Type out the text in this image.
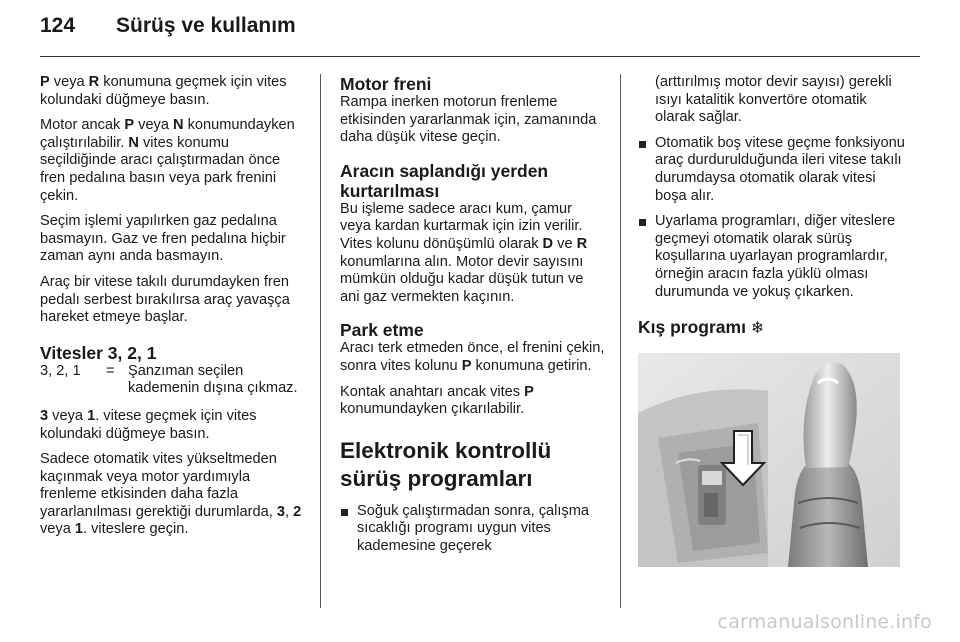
124 Sürüş ve kullanım

P veya R konumuna geçmek için vites kolundaki düğmeye basın.

Motor ancak P veya N konumundayken çalıştırılabilir. N vites konumu seçildiğinde aracı çalıştırmadan önce fren pedalına basın veya park frenini çekin.

Seçim işlemi yapılırken gaz pedalına basmayın. Gaz ve fren pedalına hiçbir zaman aynı anda basmayın.

Araç bir vitese takılı durumdayken fren pedalı serbest bırakılırsa araç yavaşça hareket etmeye başlar.

Vitesler 3, 2, 1
3, 2, 1	= Şanzıman seçilen kademenin dışına çıkmaz.

3 veya 1. vitese geçmek için vites kolundaki düğmeye basın.

Sadece otomatik vites yükseltmeden kaçınmak veya motor yardımıyla frenleme etkisinden daha fazla yararlanılması gerektiği durumlarda, 3, 2 veya 1. viteslere geçin.

Motor freni

Rampa inerken motorun frenleme etkisinden yararlanmak için, zamanında daha düşük vitese geçin.

Aracın saplandığı yerden kurtarılması

Bu işleme sadece aracı kum, çamur veya kardan kurtarmak için izin verilir. Vites kolunu dönüşümlü olarak D ve R konumlarına alın. Motor devir sayısını mümkün olduğu kadar düşük tutun ve ani gaz vermekten kaçının.

Park etme

Aracı terk etmeden önce, el frenini çekin, sonra vites kolunu P konumuna getirin.

Kontak anahtarı ancak vites P konumundayken çıkarılabilir.

Elektronik kontrollü sürüş programları
Soğuk çalıştırmadan sonra, çalışma sıcaklığı programı uygun vites kademesine geçerek

(arttırılmış motor devir sayısı) gerekli ısıyı katalitik konvertöre otomatik olarak sağlar.

Otomatik boş vitese geçme fonksiyonu araç durdurulduğunda ileri vitese takılı durumdaysa otomatik olarak vitesi boşa alır.
Uyarlama programları, diğer viteslere geçmeyi otomatik olarak sürüş koşullarına uyarlayan programlardır, örneğin aracın fazla yüklü olması durumunda ve yokuş çıkarken.
Kış programı ❄
carmanualsonline.info
